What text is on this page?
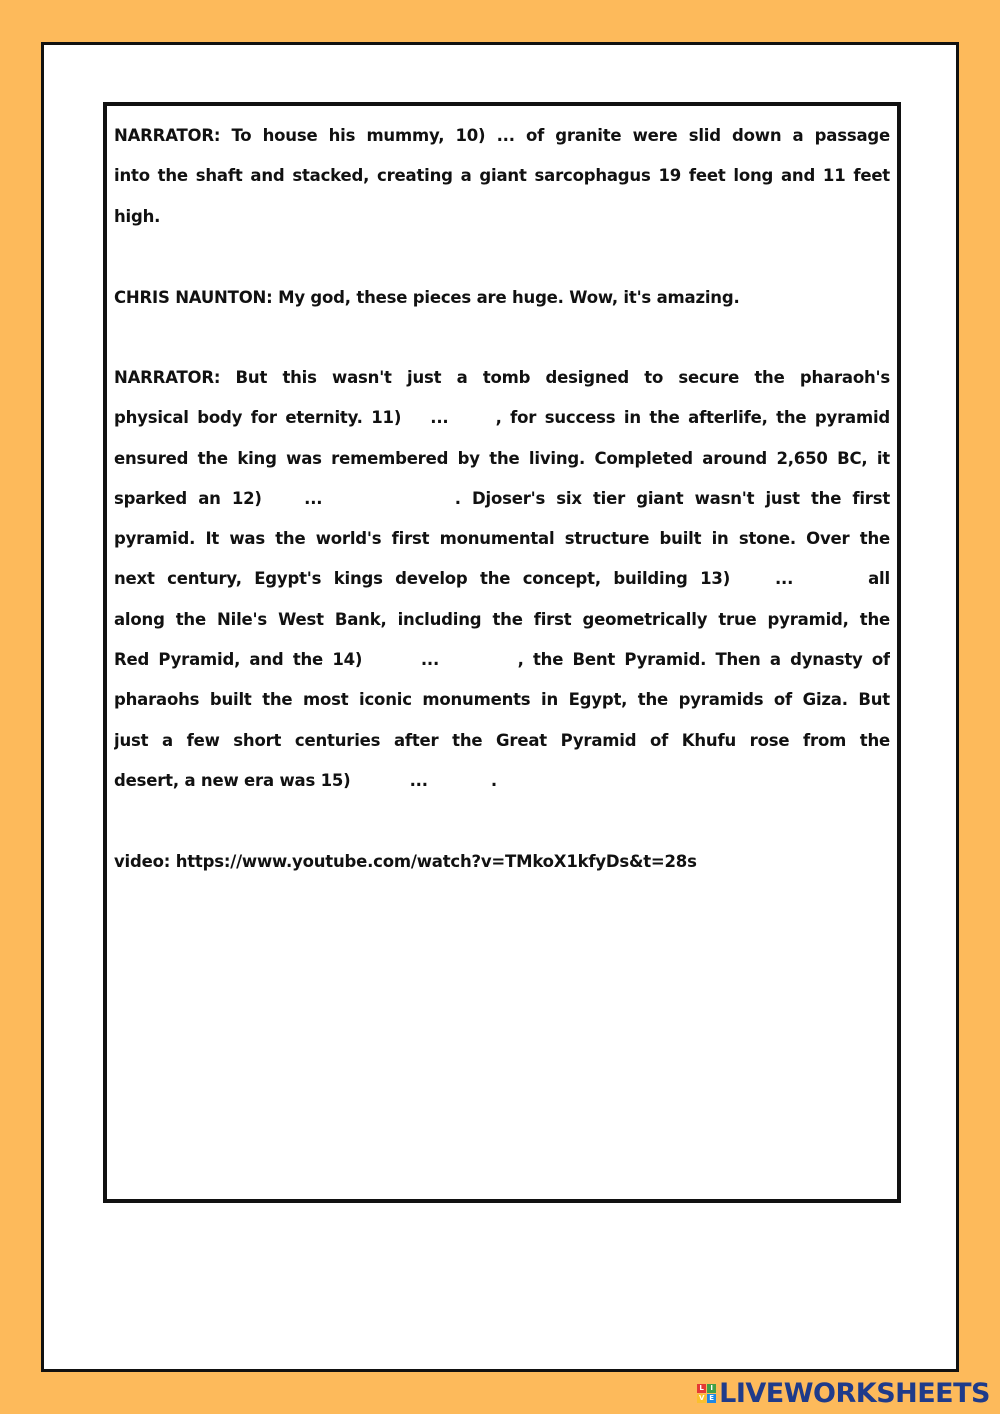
NARRATOR: To house his mummy, 10) ... of granite were slid down a passage
into the shaft and stacked, creating a giant sarcophagus 19 feet long and 11 feet
high.

CHRIS NAUNTON: My god, these pieces are huge. Wow, it's amazing.

NARRATOR: But this wasn't just a tomb designed to secure the pharaoh's
physical body for eternity. 11) ...	, for success in the afterlife, the pyramid
ensured the king was remembered by the living. Completed around 2,650 BC, it
sparked an 12)	...	. Djoser's six tier giant wasn't just the first
pyramid. It was the world's first monumental structure built in stone. Over the
next century, Egypt's kings develop the concept, building 13)	...	all
along the Nile's West Bank, including the first geometrically true pyramid, the
Red Pyramid, and the 14)	...	, the Bent Pyramid. Then a dynasty of
pharaohs built the most iconic monuments in Egypt, the pyramids of Giza. But
just a few short centuries after the Great Pyramid of Khufu rose from the
desert, a new era was 15)	...	.

video: https://www.youtube.com/watch?v=TMkoX1kfyDs&t=28s

L I
V E LIVEWORKSHEETS
